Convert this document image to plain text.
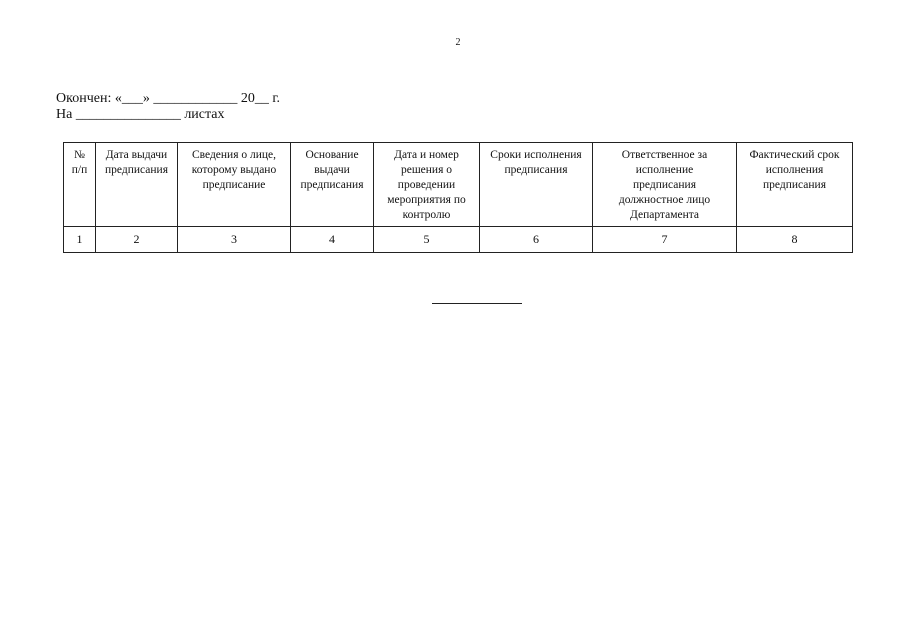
2
Окончен: «___» ____________ 20__ г.
На _______________ листах
№ п/п	Дата выдачи предписания	Сведения о лице, которому выдано предписание	Основание выдачи предписания	Дата и номер решения о проведении мероприятия по контролю	Сроки исполнения предписания	Ответственное за исполнение предписания должностное лицо Департамента	Фактический срок исполнения предписания
1	2	3	4	5	6	7	8
